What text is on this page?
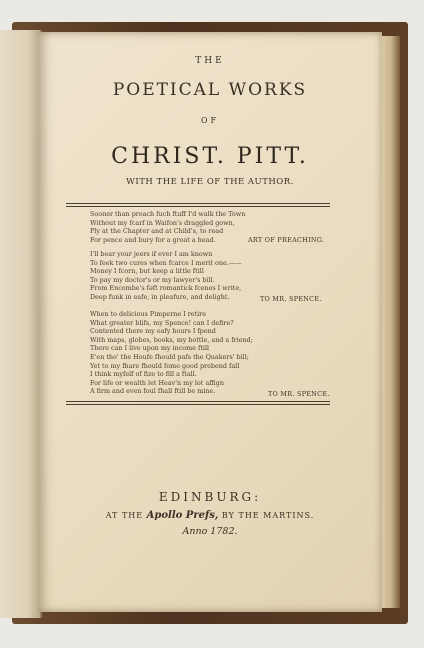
THE
POETICAL WORKS
OF
CHRIST. PITT.
WITH THE LIFE OF THE AUTHOR.
Sooner than preach fuch ftuff I'd walk the Town
Without my fcarf in Waifon's draggled gown,
Ply at the Chapter and at Child's, to read
For pence and bury for a groat a head.	ART OF PREACHING.
I'll bear your jeers if ever I am known
To feek two cures when fcarce I merit one.——
Money I fcorn, but keep a little ftill
To pay my doctor's or my lawyer's bill.
From Encombe's fəft romantick fcenes I write,
Deep funk in eafe, in pleafure, and delight.	TO MR. SPENCE.
When to delicious Pimperne I retire
What greater blifs, my Spence! can I defire?
Contented there my eafy hours I fpend
With maps, globes, books, my bottle, and a friend;
There can I live upon my income ftill
E'en tho' the Houfe fhould pafs the Quakers' bill;
Yet to my fhare fhould fome good prebend fall
I think myfelf of fize to fill a ftall.
For life or wealth let Heav'n my lot affign
A firm and even foul fhall ftill be mine.	TO MR. SPENCE.
EDINBURG:
AT THE Apollo Prefs, BY THE MARTINS.
Anno 1782.
